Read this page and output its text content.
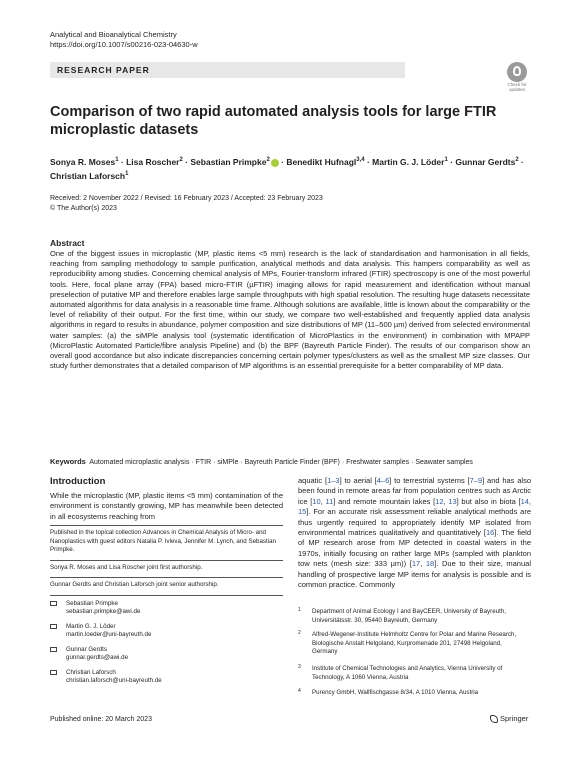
Analytical and Bioanalytical Chemistry
https://doi.org/10.1007/s00216-023-04630-w
RESEARCH PAPER
Check for
updates
Comparison of two rapid automated analysis tools for large FTIR microplastic datasets
Sonya R. Moses$^1$ · Lisa Roscher$^2$ · Sebastian Primpke$^2$ · Benedikt Hufnagl$^{3,4}$ · Martin G. J. Löder$^1$ · Gunnar Gerdts$^2$ · Christian Laforsch$^1$
Received: 2 November 2022 / Revised: 16 February 2023 / Accepted: 23 February 2023
© The Author(s) 2023
Abstract
One of the biggest issues in microplastic (MP, plastic items <5 mm) research is the lack of standardisation and harmonisation in all fields, reaching from sampling methodology to sample purification, analytical methods and data analysis. This hampers comparability as well as reproducibility among studies. Concerning chemical analysis of MPs, Fourier-transform infrared (FTIR) spectroscopy is one of the most powerful tools. Here, focal plane array (FPA) based micro-FTIR (µFTIR) imaging allows for rapid measurement and identification without manual preselection of putative MP and therefore enables large sample throughputs with high spatial resolution. The resulting huge datasets necessitate automated algorithms for data analysis in a reasonable time frame. Although solutions are available, little is known about the comparability or the level of reliability of their output. For the first time, within our study, we compare two well-established and frequently applied data analysis algorithms in regard to results in abundance, polymer composition and size distributions of MP (11–500 µm) derived from selected environmental water samples: (a) the siMPle analysis tool (systematic identification of MicroPlastics in the environment) in combination with MPAPP (MicroPlastic Automated Particle/fibre analysis Pipeline) and (b) the BPF (Bayreuth Particle Finder). The results of our comparison show an overall good accordance but also indicate discrepancies concerning certain polymer types/clusters as well as the smallest MP size classes. Our study further demonstrates that a detailed comparison of MP algorithms is an essential prerequisite for a better comparability of MP data.
Keywords Automated microplastic analysis · FTIR · siMPle · Bayreuth Particle Finder (BPF) · Freshwater samples · Seawater samples
Introduction
While the microplastic (MP, plastic items <5 mm) contamination of the environment is constantly growing, MP has meanwhile been detected in all ecosystems reaching from
Published in the topical collection Advances in Chemical Analysis of Micro- and Nanoplastics with guest editors Natalia P. Ivleva, Jennifer M. Lynch, and Sebastian Primpke.
Sonya R. Moses and Lisa Roscher joint first authorship.
Gunnar Gerdts and Christian Laforsch joint senior authorship.
Sebastian Primpke
sebastian.primpke@awi.de
Martin G. J. Löder
martin.loeder@uni-bayreuth.de
Gunnar Gerdts
gunnar.gerdts@awi.de
Christian Laforsch
christian.laforsch@uni-bayreuth.de
aquatic [1–3] to aerial [4–6] to terrestrial systems [7–9] and has also been found in remote areas far from population centres such as Arctic ice [10, 11] and remote mountain lakes [12, 13] but also in biota [14, 15]. For an accurate risk assessment reliable analytical methods are thus urgently required to appropriately identify MP isolated from environmental matrices qualitatively and quantitatively [16]. The field of MP research arose from MP detected in coastal waters in the 1970s, initially focusing on rather large MPs (sampled with plankton tow nets (mesh size: 333 µm)) [17, 18]. Due to their size, manual handling of prospective large MP items for analysis is possible and is common practice. Commonly
1 Department of Animal Ecology I and BayCEER, University of Bayreuth, Universitätsstr. 30, 95440 Bayreuth, Germany
2 Alfred-Wegener-Institute Helmholtz Centre for Polar and Marine Research, Biologische Anstalt Helgoland, Kurpromenade 201, 27498 Helgoland, Germany
3 Institute of Chemical Technologies and Analytics, Vienna University of Technology, A 1060 Vienna, Austria
4 Purency GmbH, Wallfischgasse 8/34, A 1010 Vienna, Austria
Published online: 20 March 2023	Springer
